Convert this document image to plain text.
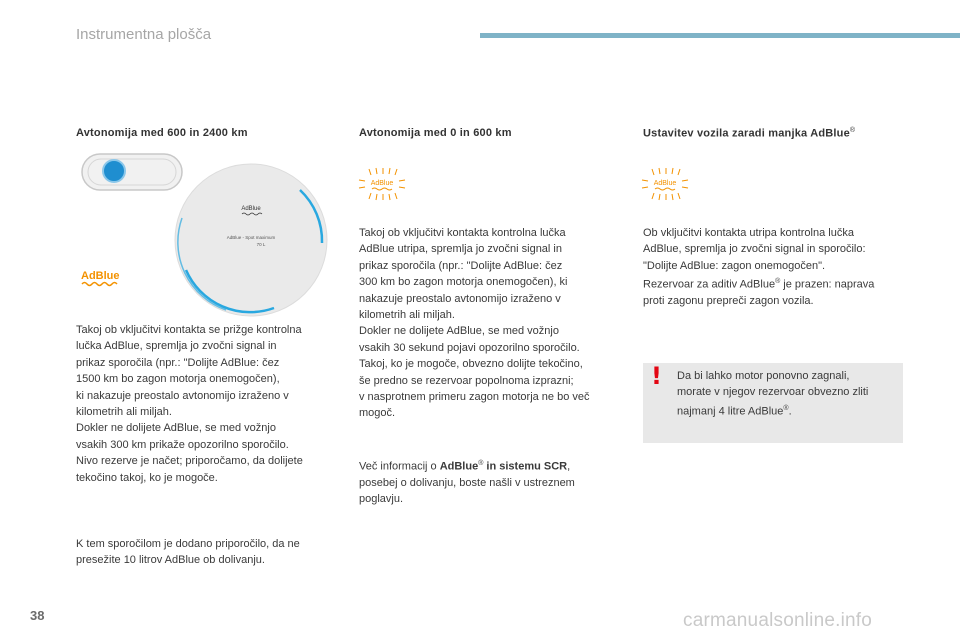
Instrumentna plošča
Avtonomija med 600 in 2400 km
AdBlue
AdBlue - Spot maximum
70 L
AdBlue
Takoj ob vključitvi kontakta se prižge kontrolna
lučka AdBlue, spremlja jo zvočni signal in
prikaz sporočila (npr.: "Dolijte AdBlue: čez
1500 km bo zagon motorja onemogočen),
ki nakazuje preostalo avtonomijo izraženo v
kilometrih ali miljah.
Dokler ne dolijete AdBlue, se med vožnjo
vsakih 300 km prikaže opozorilno sporočilo.
Nivo rezerve je načet; priporočamo, da dolijete
tekočino takoj, ko je mogoče.
K tem sporočilom je dodano priporočilo, da ne
presežite 10 litrov AdBlue ob dolivanju.
Avtonomija med 0 in 600 km
AdBlue
Takoj ob vključitvi kontakta kontrolna lučka
AdBlue utripa, spremlja jo zvočni signal in
prikaz sporočila (npr.: "Dolijte AdBlue: čez
300 km bo zagon motorja onemogočen), ki
nakazuje preostalo avtonomijo izraženo v
kilometrih ali miljah.
Dokler ne dolijete AdBlue, se med vožnjo
vsakih 30 sekund pojavi opozorilno sporočilo.
Takoj, ko je mogoče, obvezno dolijte tekočino,
še predno se rezervoar popolnoma izprazni;
v nasprotnem primeru zagon motorja ne bo več
mogoč.
Več informacij o AdBlue® in sistemu SCR,
posebej o dolivanju, boste našli v ustreznem
poglavju.
Ustavitev vozila zaradi manjka AdBlue®
AdBlue
Ob vključitvi kontakta utripa kontrolna lučka
AdBlue, spremlja jo zvočni signal in sporočilo:
"Dolijte AdBlue: zagon onemogočen".
Rezervoar za aditiv AdBlue® je prazen: naprava
proti zagonu prepreči zagon vozila.
! Da bi lahko motor ponovno zagnali,
morate v njegov rezervoar obvezno zliti
najmanj 4 litre AdBlue®.
38	carmanualsonline.info
